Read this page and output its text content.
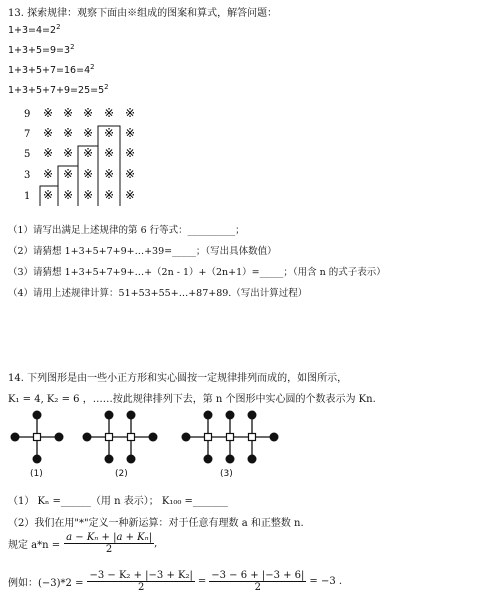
13. 探索规律：观察下面由※组成的图案和算式，解答问题：
$1+3=4=2^2$
$1+3+5=9=3^2$
$1+3+5+7=16=4^2$
$1+3+5+7+9=25=5^2$
※ ※ ※ ※ ※
※ ※ ※ ※ ※
※ ※ ※ ※ ※
※ ※ ※ ※ ※
※ ※ ※ ※ ※
9
7
5
3
1
（1）请写出满足上述规律的第 6 行等式：__________；
（2）请猜想 1+3+5+7+9+…+39=_____；（写出具体数值）
（3）请猜想 1+3+5+7+9+…+（2n - 1）+（2n+1）=_____；（用含 n 的式子表示）
（4）请用上述规律计算：51+53+55+…+87+89.（写出计算过程）
14. 下列图形是由一些小正方形和实心圆按一定规律排列而成的，如图所示，
K₁ = 4, K₂ = 6 ，……按此规律排列下去，第 n 个图形中实心圆的个数表示为 Kn.
(1)	(2)	(3)
（1） Kₙ =______（用 n 表示）； K₁₀₀ =_______
（2）我们在用"*"定义一种新运算：对于任意有理数 a 和正整数 n.
规定 $a*n = \frac{\text{a − Kₙ + |a + Kₙ|}}{2}$ ,
例如：$(-3)*2 = \frac{\text{−3 − K₂ + |−3 + K₂|}}{2} = \frac{-3 - 6 + |-3 + 6|}{2} = -3$ .
